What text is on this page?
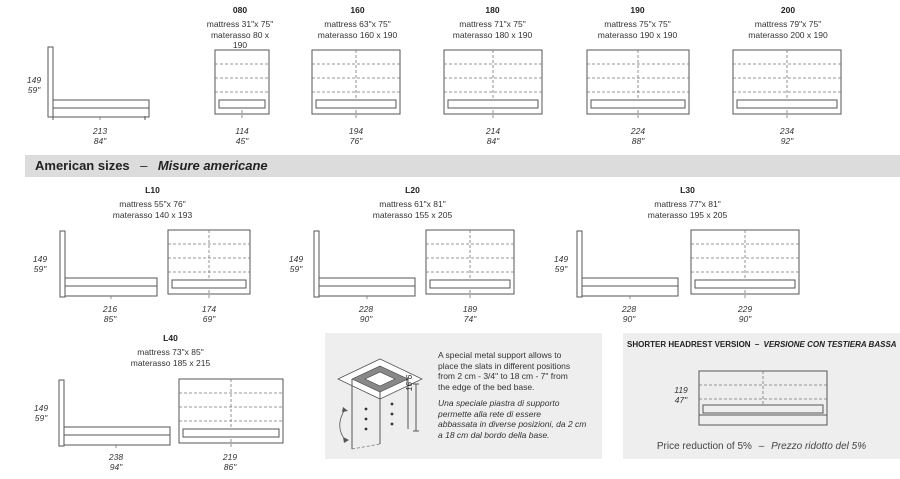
149
59"
213
84"
080
mattress 31"x 75"
materasso 80 x 190
114
45"
160
mattress 63"x 75"
materasso 160 x 190
194
76"
180
mattress 71"x 75"
materasso 180 x 190
214
84"
190
mattress 75"x 75"
materasso 190 x 190
224
88"
200
mattress 79"x 75"
materasso 200 x 190
234
92"
American sizes – Misure americane
L10
mattress 55"x 76"
materasso 140 x 193
149
59"
216
85"
174
69"
L20
mattress 61"x 81"
materasso 155 x 205
149
59"
228
90"
189
74"
L30
mattress 77"x 81"
materasso 195 x 205
149
59"
228
90"
229
90"
L40
mattress 73"x 85"
materasso 185 x 215
149
59"
238
94"
219
86"
16"6
A special metal support allows to
place the slats in different positions
from 2 cm - 3/4" to 18 cm - 7" from
the edge of the bed base.
Una speciale piastra di supporto
permette alla rete di essere
abbassata in diverse posizioni, da 2 cm
a 18 cm dal bordo della base.
SHORTER HEADREST VERSION – VERSIONE CON TESTIERA BASSA
119
47"
Price reduction of 5% – Prezzo ridotto del 5%
